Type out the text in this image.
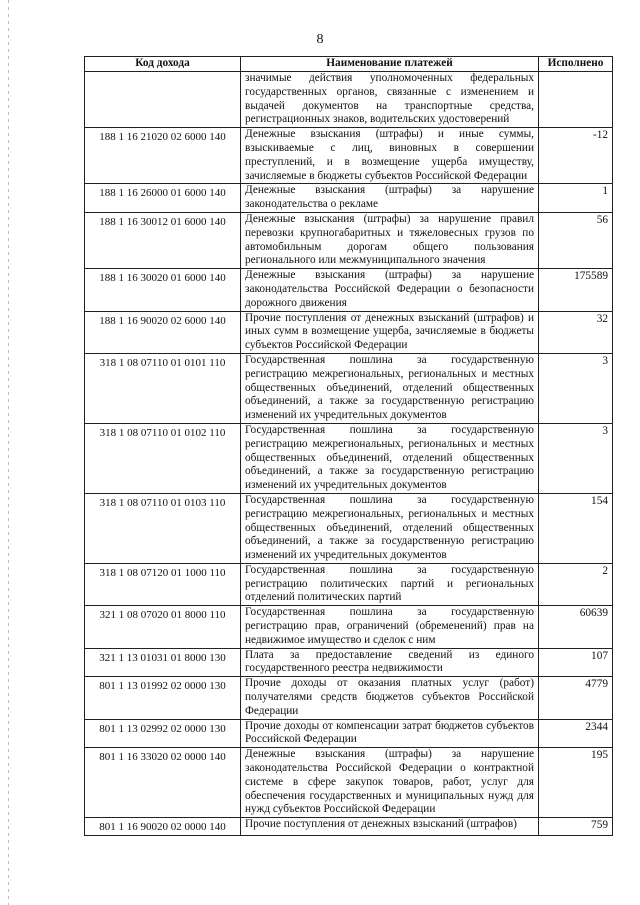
8
Код дохода	Наименование платежей	Исполнено
	значимые действия уполномоченных федеральных государственных органов, связанные с изменением и выдачей документов на транспортные средства, регистрационных знаков, водительских удостоверений	
188 1 16 21020 02 6000 140	Денежные взыскания (штрафы) и иные суммы, взыскиваемые с лиц, виновных в совершении преступлений, и в возмещение ущерба имуществу, зачисляемые в бюджеты субъектов Российской Федерации	-12
188 1 16 26000 01 6000 140	Денежные взыскания (штрафы) за нарушение законодательства о рекламе	1
188 1 16 30012 01 6000 140	Денежные взыскания (штрафы) за нарушение правил перевозки крупногабаритных и тяжеловесных грузов по автомобильным дорогам общего пользования регионального или межмуниципального значения	56
188 1 16 30020 01 6000 140	Денежные взыскания (штрафы) за нарушение законодательства Российской Федерации о безопасности дорожного движения	175589
188 1 16 90020 02 6000 140	Прочие поступления от денежных взысканий (штрафов) и иных сумм в возмещение ущерба, зачисляемые в бюджеты субъектов Российской Федерации	32
318 1 08 07110 01 0101 110	Государственная пошлина за государственную регистрацию межрегиональных, региональных и местных общественных объединений, отделений общественных объединений, а также за государственную регистрацию изменений их учредительных документов	3
318 1 08 07110 01 0102 110	Государственная пошлина за государственную регистрацию межрегиональных, региональных и местных общественных объединений, отделений общественных объединений, а также за государственную регистрацию изменений их учредительных документов	3
318 1 08 07110 01 0103 110	Государственная пошлина за государственную регистрацию межрегиональных, региональных и местных общественных объединений, отделений общественных объединений, а также за государственную регистрацию изменений их учредительных документов	154
318 1 08 07120 01 1000 110	Государственная пошлина за государственную регистрацию политических партий и региональных отделений политических партий	2
321 1 08 07020 01 8000 110	Государственная пошлина за государственную регистрацию прав, ограничений (обременений) прав на недвижимое имущество и сделок с ним	60639
321 1 13 01031 01 8000 130	Плата за предоставление сведений из единого государственного реестра недвижимости	107
801 1 13 01992 02 0000 130	Прочие доходы от оказания платных услуг (работ) получателями средств бюджетов субъектов Российской Федерации	4779
801 1 13 02992 02 0000 130	Прочие доходы от компенсации затрат бюджетов субъектов Российской Федерации	2344
801 1 16 33020 02 0000 140	Денежные взыскания (штрафы) за нарушение законодательства Российской Федерации о контрактной системе в сфере закупок товаров, работ, услуг для обеспечения государственных и муниципальных нужд для нужд субъектов Российской Федерации	195
801 1 16 90020 02 0000 140	Прочие поступления от денежных взысканий (штрафов)	759
